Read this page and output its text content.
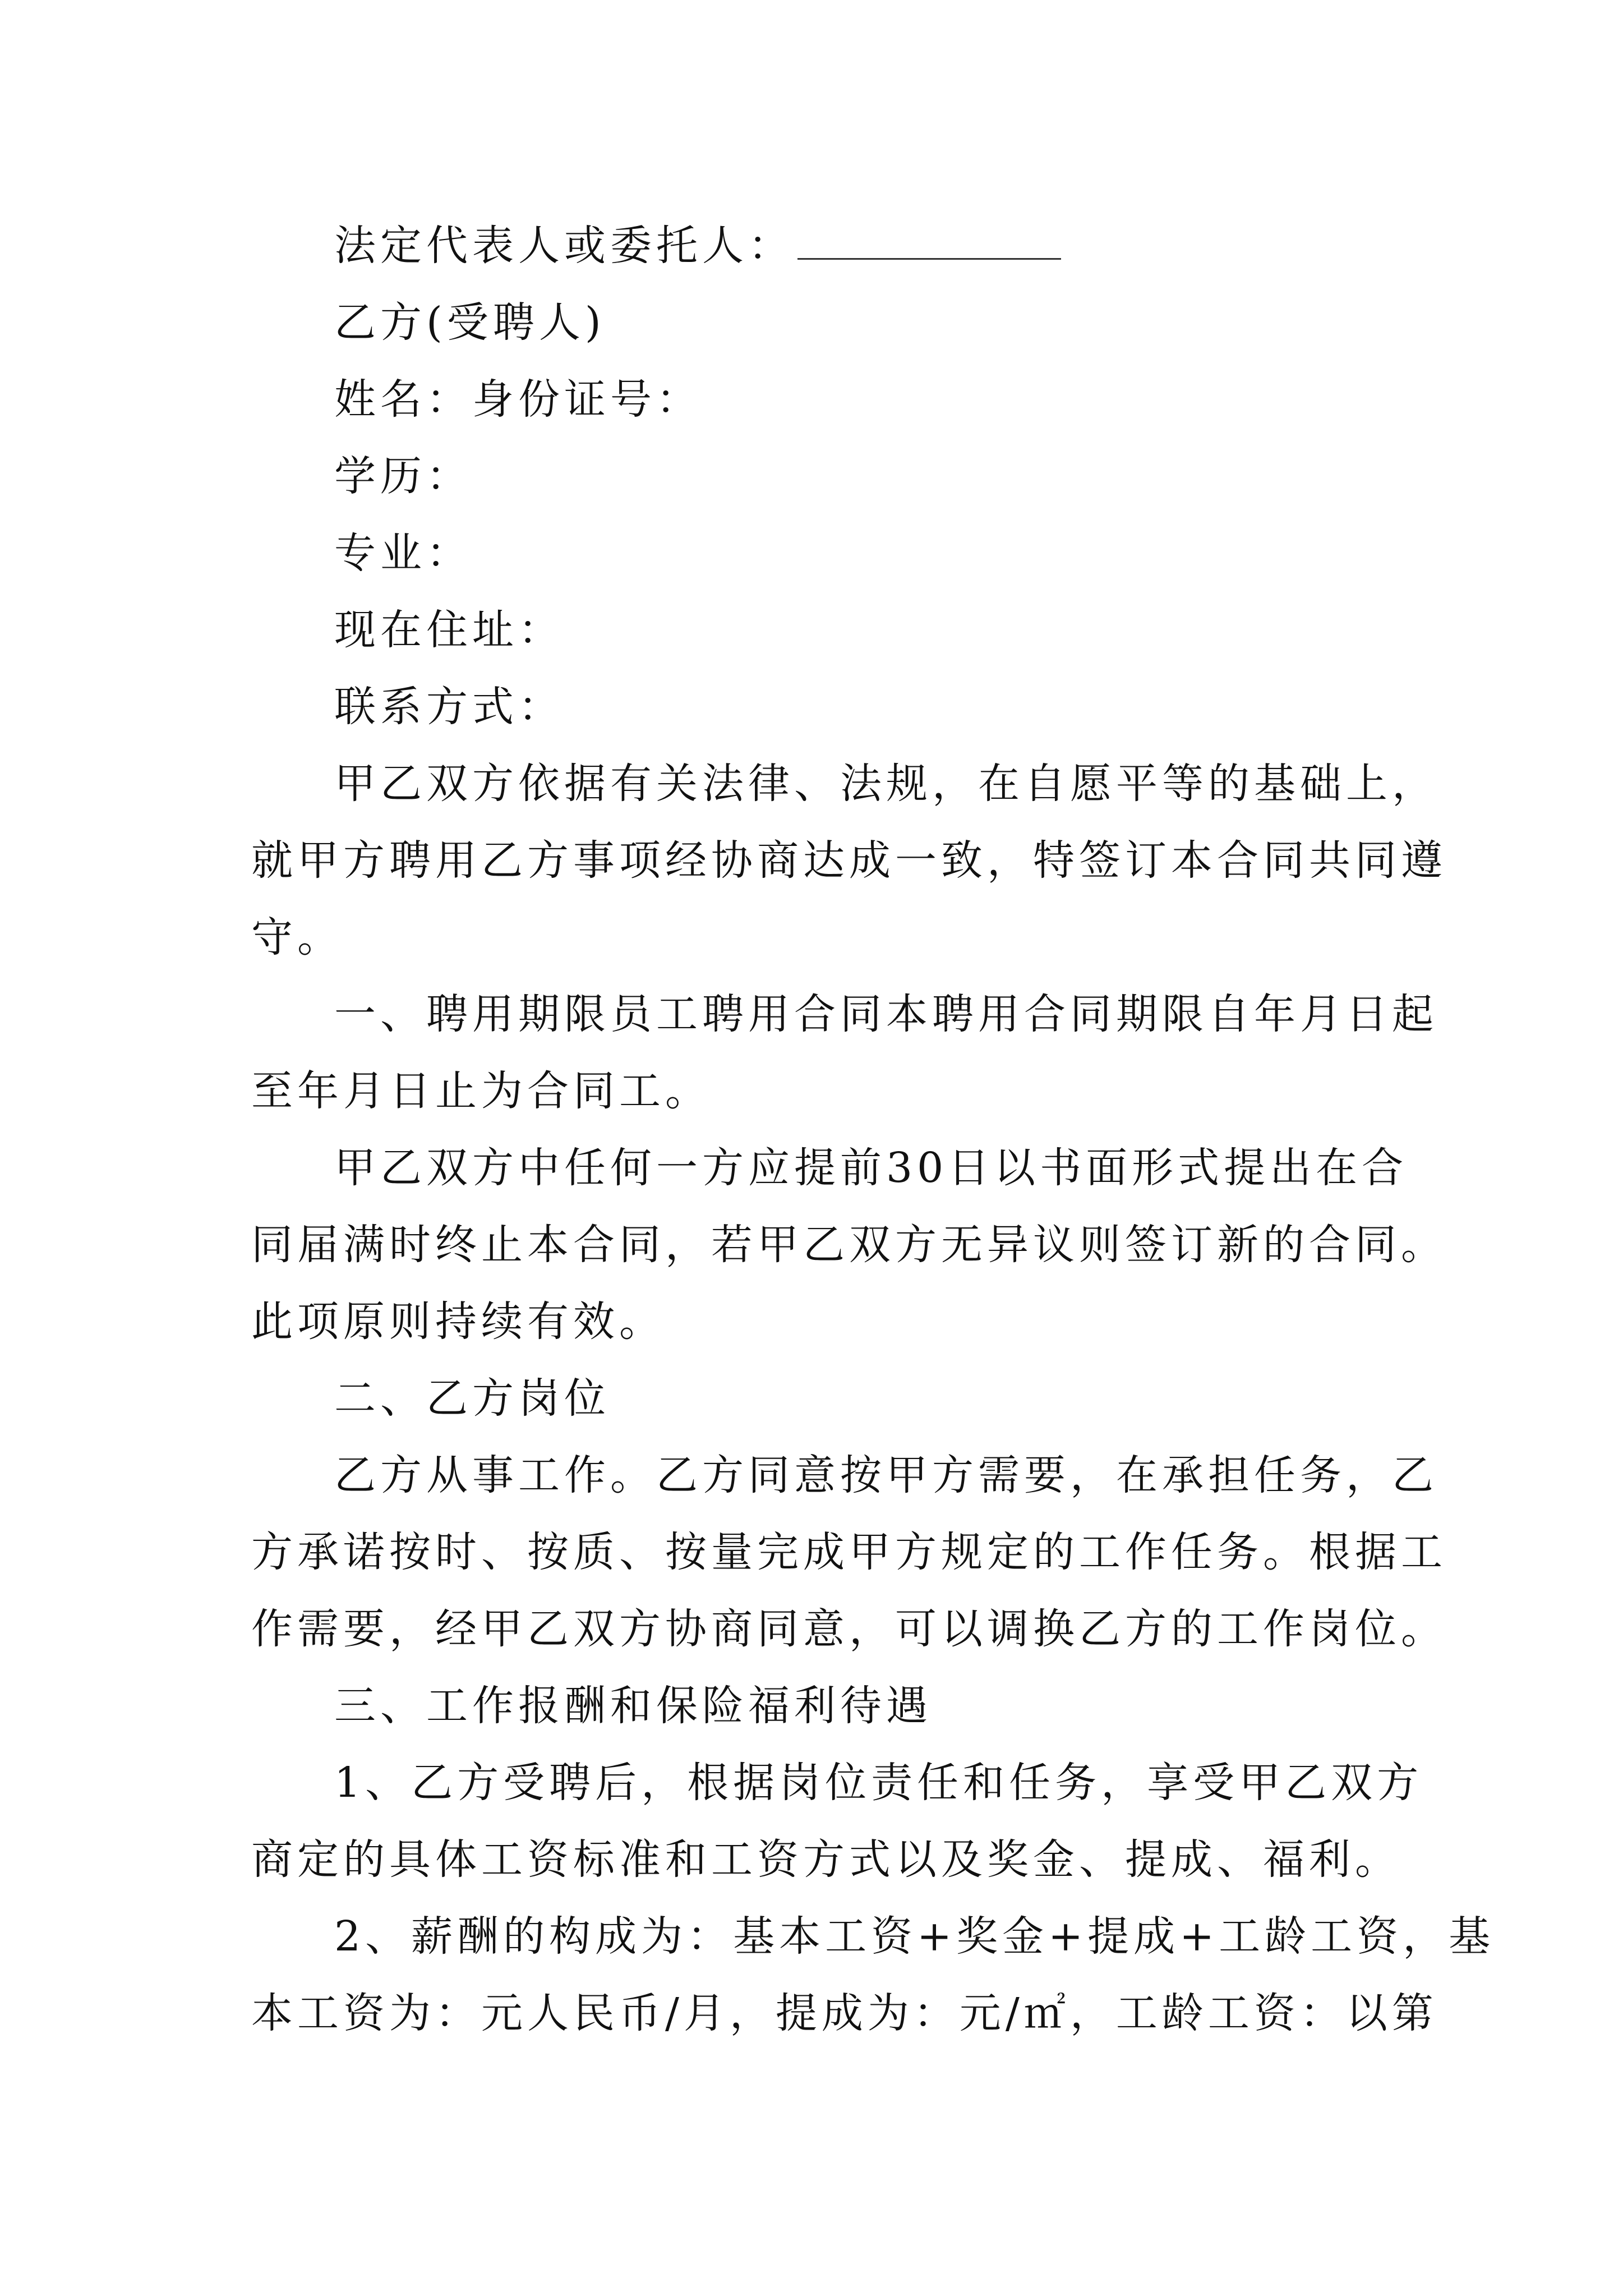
法定代表人或委托人：
乙方(受聘人)
姓名：身份证号：
学历：
专业：
现在住址：
联系方式：
甲乙双方依据有关法律、法规，在自愿平等的基础上，
就甲方聘用乙方事项经协商达成一致，特签订本合同共同遵
守。
一、聘用期限员工聘用合同本聘用合同期限自年月日起
至年月日止为合同工。
甲乙双方中任何一方应提前30日以书面形式提出在合
同届满时终止本合同，若甲乙双方无异议则签订新的合同。
此项原则持续有效。
二、乙方岗位
乙方从事工作。乙方同意按甲方需要，在承担任务，乙
方承诺按时、按质、按量完成甲方规定的工作任务。根据工
作需要，经甲乙双方协商同意，可以调换乙方的工作岗位。
三、工作报酬和保险福利待遇
1、乙方受聘后，根据岗位责任和任务，享受甲乙双方
商定的具体工资标准和工资方式以及奖金、提成、福利。
2、薪酬的构成为：基本工资+奖金+提成+工龄工资，基
本工资为：元人民币/月，提成为：元/㎡，工龄工资：以第
